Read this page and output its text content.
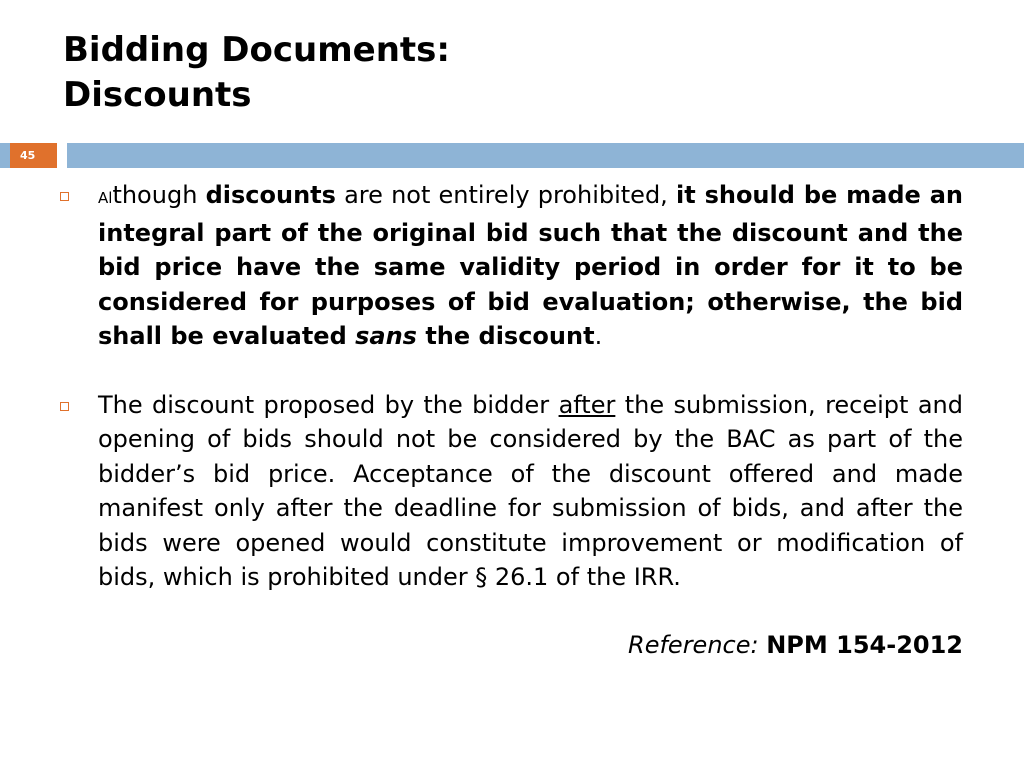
Bidding Documents:
Discounts
45
Although discounts are not entirely prohibited, it should be made an integral part of the original bid such that the discount and the bid price have the same validity period in order for it to be considered for purposes of bid evaluation; otherwise, the bid shall be evaluated sans the discount.
The discount proposed by the bidder after the submission, receipt and opening of bids should not be considered by the BAC as part of the bidder’s bid price. Acceptance of the discount offered and made manifest only after the deadline for submission of bids, and after the bids were opened would constitute improvement or modification of bids, which is prohibited under § 26.1 of the IRR.
Reference: NPM 154-2012
